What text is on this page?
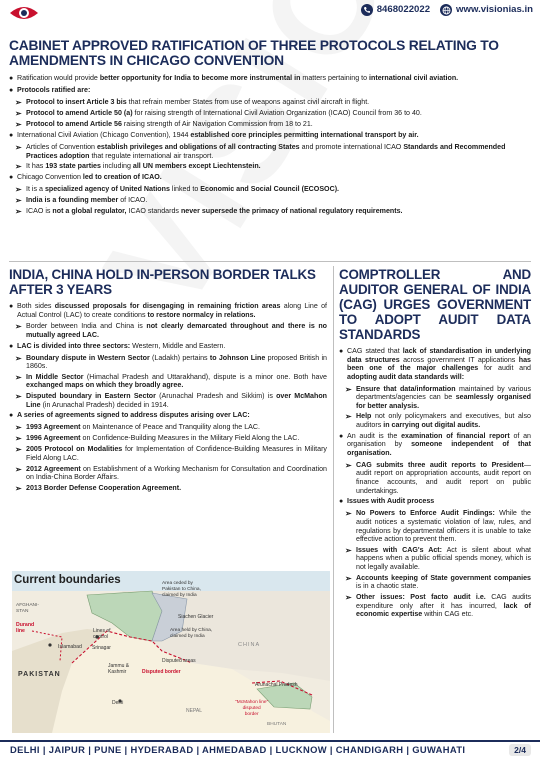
8468022022	www.visionias.in
CABINET APPROVED RATIFICATION OF THREE PROTOCOLS RELATING TO AMENDMENTS IN CHICAGO CONVENTION
● Ratification would provide better opportunity for India to become more instrumental in matters pertaining to international civil aviation.
● Protocols ratified are:
➢ Protocol to insert Article 3 bis that refrain member States from use of weapons against civil aircraft in flight.
➢ Protocol to amend Article 50 (a) for raising strength of International Civil Aviation Organization (ICAO) Council from 36 to 40.
➢ Protocol to amend Article 56 raising strength of Air Navigation Commission from 18 to 21.
● International Civil Aviation (Chicago Convention), 1944 established core principles permitting international transport by air.
➢ Articles of Convention establish privileges and obligations of all contracting States and promote international ICAO Standards and Recommended Practices adoption that regulate international air transport.
➢ It has 193 state parties including all UN members except Liechtenstein.
● Chicago Convention led to creation of ICAO.
➢ It is a specialized agency of United Nations linked to Economic and Social Council (ECOSOC).
➢ India is a founding member of ICAO.
➢ ICAO is not a global regulator, ICAO standards never supersede the primacy of national regulatory requirements.
INDIA, CHINA HOLD IN-PERSON BORDER TALKS AFTER 3 YEARS
● Both sides discussed proposals for disengaging in remaining friction areas along Line of Actual Control (LAC) to create conditions to restore normalcy in relations.
➢ Border between India and China is not clearly demarcated throughout and there is no mutually agreed LAC.
● LAC is divided into three sectors: Western, Middle and Eastern.
➢ Boundary dispute in Western Sector (Ladakh) pertains to Johnson Line proposed British in 1860s.
➢ In Middle Sector (Himachal Pradesh and Uttarakhand), dispute is a minor one. Both have exchanged maps on which they broadly agree.
➢ Disputed boundary in Eastern Sector (Arunachal Pradesh and Sikkim) is over McMahon Line (in Arunachal Pradesh) decided in 1914.
● A series of agreements signed to address disputes arising over LAC:
➢ 1993 Agreement on Maintenance of Peace and Tranquility along the LAC.
➢ 1996 Agreement on Confidence-Building Measures in the Military Field Along the LAC.
➢ 2005 Protocol on Modalities for Implementation of Confidence-Building Measures in Military Field Along LAC.
➢ 2012 Agreement on Establishment of a Working Mechanism for Consultation and Coordination on India-China Border Affairs.
➢ 2013 Border Defense Cooperation Agreement.
Current boundaries
AFGHANI-
STAN
Durand
line
Islamabad
PAKISTAN
Lines of
control
Srinagar
Jammu &
Kashmir
Area ceded by
Pakistan to China,
claimed by India
Siachen Glacier
Area held by China,
claimed by India
CHINA
Disputed areas
Disputed border
Delhi
NEPAL
Arunachal Pradesh
"McMahon line"
disputed
border
BHUTAN
COMPTROLLER AND AUDITOR GENERAL OF INDIA (CAG) URGES GOVERNMENT TO ADOPT AUDIT DATA STANDARDS
● CAG stated that lack of standardisation in underlying data structures across government IT applications has been one of the major challenges for audit and adopting audit data standards will:
➢ Ensure that data/information maintained by various departments/agencies can be seamlessly organised for better analysis.
➢ Help not only policymakers and executives, but also auditors in carrying out digital audits.
● An audit is the examination of financial report of an organisation by someone independent of that organisation.
➢ CAG submits three audit reports to President—audit report on appropriation accounts, audit report on finance accounts, and audit report on public undertakings.
● Issues with Audit process
➢ No Powers to Enforce Audit Findings: While the audit notices a systematic violation of law, rules, and regulations by departmental officers it is unable to take effective action to prevent them.
➢ Issues with CAG's Act: Act is silent about what happens when a public official spends money, which is not legally available.
➢ Accounts keeping of State government companies is in a chaotic state.
➢ Other issues: Post facto audit i.e. CAG audits expenditure only after it has incurred, lack of economic expertise within CAG etc.
DELHI | JAIPUR | PUNE | HYDERABAD | AHMEDABAD | LUCKNOW | CHANDIGARH | GUWAHATI	2/4
